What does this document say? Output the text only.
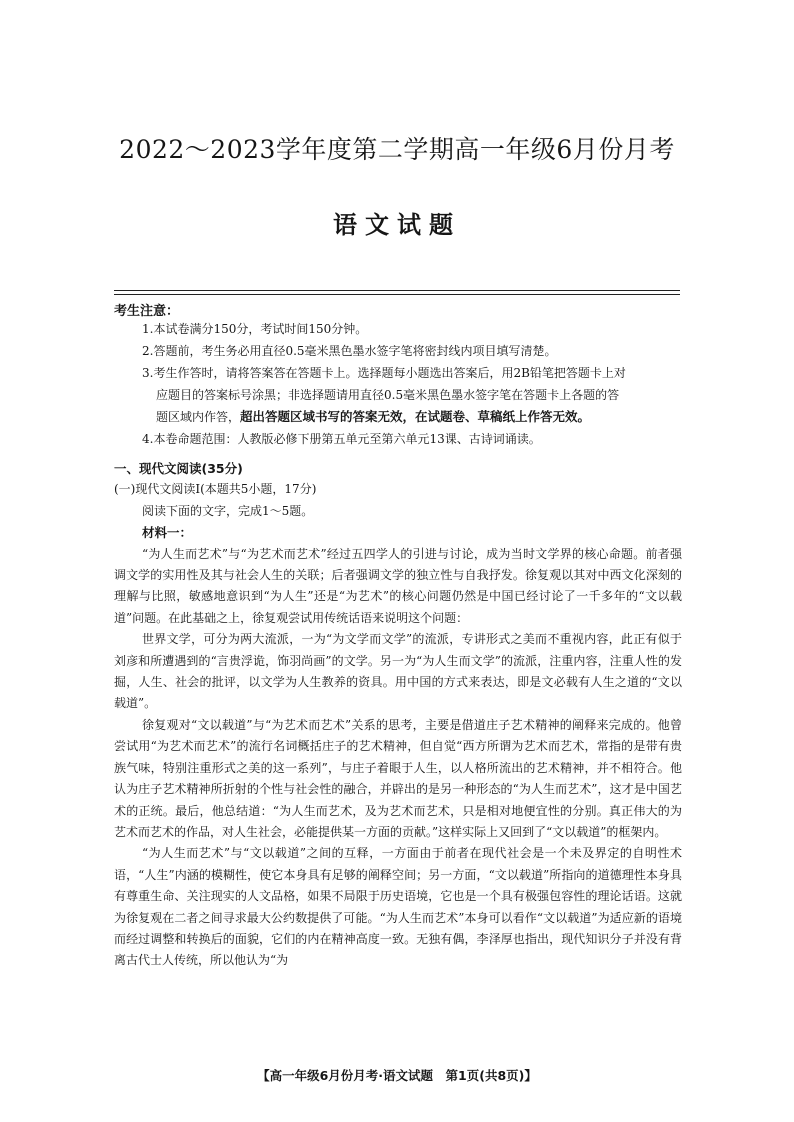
2022～2023学年度第二学期高一年级6月份月考
语文试题
考生注意：
1.本试卷满分150分，考试时间150分钟。
2.答题前，考生务必用直径0.5毫米黑色墨水签字笔将密封线内项目填写清楚。
3.考生作答时，请将答案答在答题卡上。选择题每小题选出答案后，用2B铅笔把答题卡上对
应题目的答案标号涂黑；非选择题请用直径0.5毫米黑色墨水签字笔在答题卡上各题的答
题区域内作答，超出答题区域书写的答案无效，在试题卷、草稿纸上作答无效。
4.本卷命题范围：人教版必修下册第五单元至第六单元13课、古诗词诵读。
一、现代文阅读(35分)
(一)现代文阅读Ⅰ(本题共5小题，17分)
阅读下面的文字，完成1～5题。
材料一：

“为人生而艺术”与“为艺术而艺术”经过五四学人的引进与讨论，成为当时文学界的核心命题。前者强调文学的实用性及其与社会人生的关联；后者强调文学的独立性与自我抒发。徐复观以其对中西文化深刻的理解与比照，敏感地意识到“为人生”还是“为艺术”的核心问题仍然是中国已经讨论了一千多年的“文以载道”问题。在此基础之上，徐复观尝试用传统话语来说明这个问题：

世界文学，可分为两大流派，一为“为文学而文学”的流派，专讲形式之美而不重视内容，此正有似于刘彦和所遭遇到的“言贵浮诡，饰羽尚画”的文学。另一为“为人生而文学”的流派，注重内容，注重人性的发掘，人生、社会的批评，以文学为人生教养的资具。用中国的方式来表达，即是文必载有人生之道的“文以载道”。

徐复观对“文以载道”与“为艺术而艺术”关系的思考，主要是借道庄子艺术精神的阐释来完成的。他曾尝试用“为艺术而艺术”的流行名词概括庄子的艺术精神，但自觉“西方所谓为艺术而艺术，常指的是带有贵族气味，特别注重形式之美的这一系列”，与庄子着眼于人生，以人格所流出的艺术精神，并不相符合。他认为庄子艺术精神所折射的个性与社会性的融合，并辟出的是另一种形态的“为人生而艺术”，这才是中国艺术的正统。最后，他总结道：“为人生而艺术，及为艺术而艺术，只是相对地便宜性的分别。真正伟大的为艺术而艺术的作品，对人生社会，必能提供某一方面的贡献。”这样实际上又回到了“文以载道”的框架内。

“为人生而艺术”与“文以载道”之间的互释，一方面由于前者在现代社会是一个未及界定的自明性术语，“人生”内涵的模糊性，使它本身具有足够的阐释空间；另一方面，“文以载道”所指向的道德理性本身具有尊重生命、关注现实的人文品格，如果不局限于历史语境，它也是一个具有极强包容性的理论话语。这就为徐复观在二者之间寻求最大公约数提供了可能。“为人生而艺术”本身可以看作“文以载道”为适应新的语境而经过调整和转换后的面貌，它们的内在精神高度一致。无独有偶，李泽厚也指出，现代知识分子并没有背离古代士人传统，所以他认为“为

【高一年级6月份月考·语文试题　第1页(共8页)】
